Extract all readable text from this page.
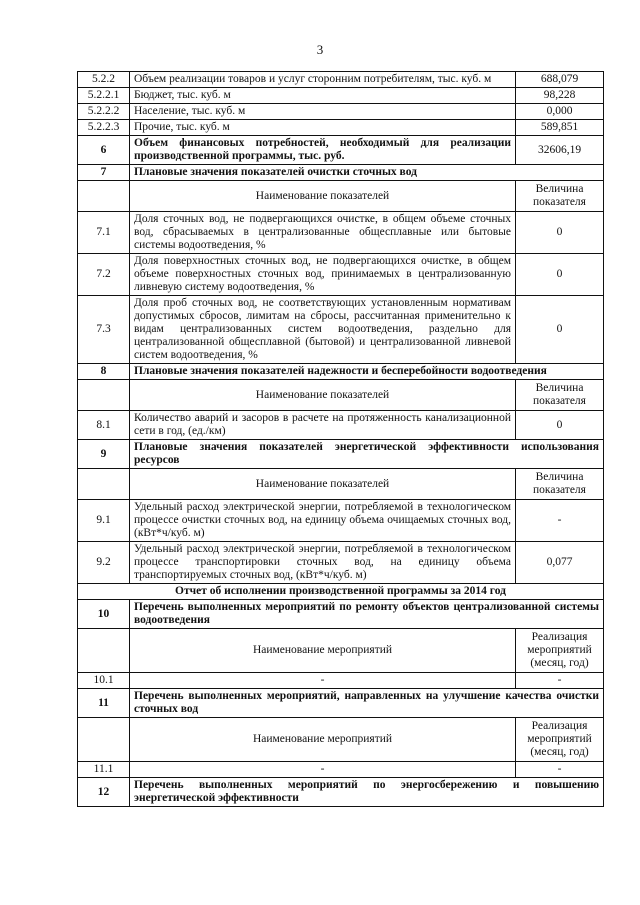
3
5.2.2	Объем реализации товаров и услуг сторонним потребителям, тыс. куб. м	688,079
5.2.2.1	Бюджет, тыс. куб. м	98,228
5.2.2.2	Население, тыс. куб. м	0,000
5.2.2.3	Прочие, тыс. куб. м	589,851
6	Объем финансовых потребностей, необходимый для реализации производственной программы, тыс. руб.	32606,19
7	Плановые значения показателей очистки сточных вод	
	Наименование показателей	Величина показателя
7.1	Доля сточных вод, не подвергающихся очистке, в общем объеме сточных вод, сбрасываемых в централизованные общесплавные или бытовые системы водоотведения, %	0
7.2	Доля поверхностных сточных вод, не подвергающихся очистке, в общем объеме поверхностных сточных вод, принимаемых в централизованную ливневую систему водоотведения, %	0
7.3	Доля проб сточных вод, не соответствующих установленным нормативам допустимых сбросов, лимитам на сбросы, рассчитанная применительно к видам централизованных систем водоотведения, раздельно для централизованной общесплавной (бытовой) и централизованной ливневой систем водоотведения, %	0
8	Плановые значения показателей надежности и бесперебойности водоотведения	
	Наименование показателей	Величина показателя
8.1	Количество аварий и засоров в расчете на протяженность канализационной сети в год, (ед./км)	0
9	Плановые значения показателей энергетической эффективности использования ресурсов	
	Наименование показателей	Величина показателя
9.1	Удельный расход электрической энергии, потребляемой в технологическом процессе очистки сточных вод, на единицу объема очищаемых сточных вод, (кВт*ч/куб. м)	-
9.2	Удельный расход электрической энергии, потребляемой в технологическом процессе транспортировки сточных вод, на единицу объема транспортируемых сточных вод, (кВт*ч/куб. м)	0,077
Отчет об исполнении производственной программы за 2014 год		
10	Перечень выполненных мероприятий по ремонту объектов централизованной системы водоотведения	
	Наименование мероприятий	Реализация мероприятий (месяц, год)
10.1	-	-
11	Перечень выполненных мероприятий, направленных на улучшение качества очистки сточных вод	
	Наименование мероприятий	Реализация мероприятий (месяц, год)
11.1	-	-
12	Перечень выполненных мероприятий по энергосбережению и повышению энергетической эффективности	
